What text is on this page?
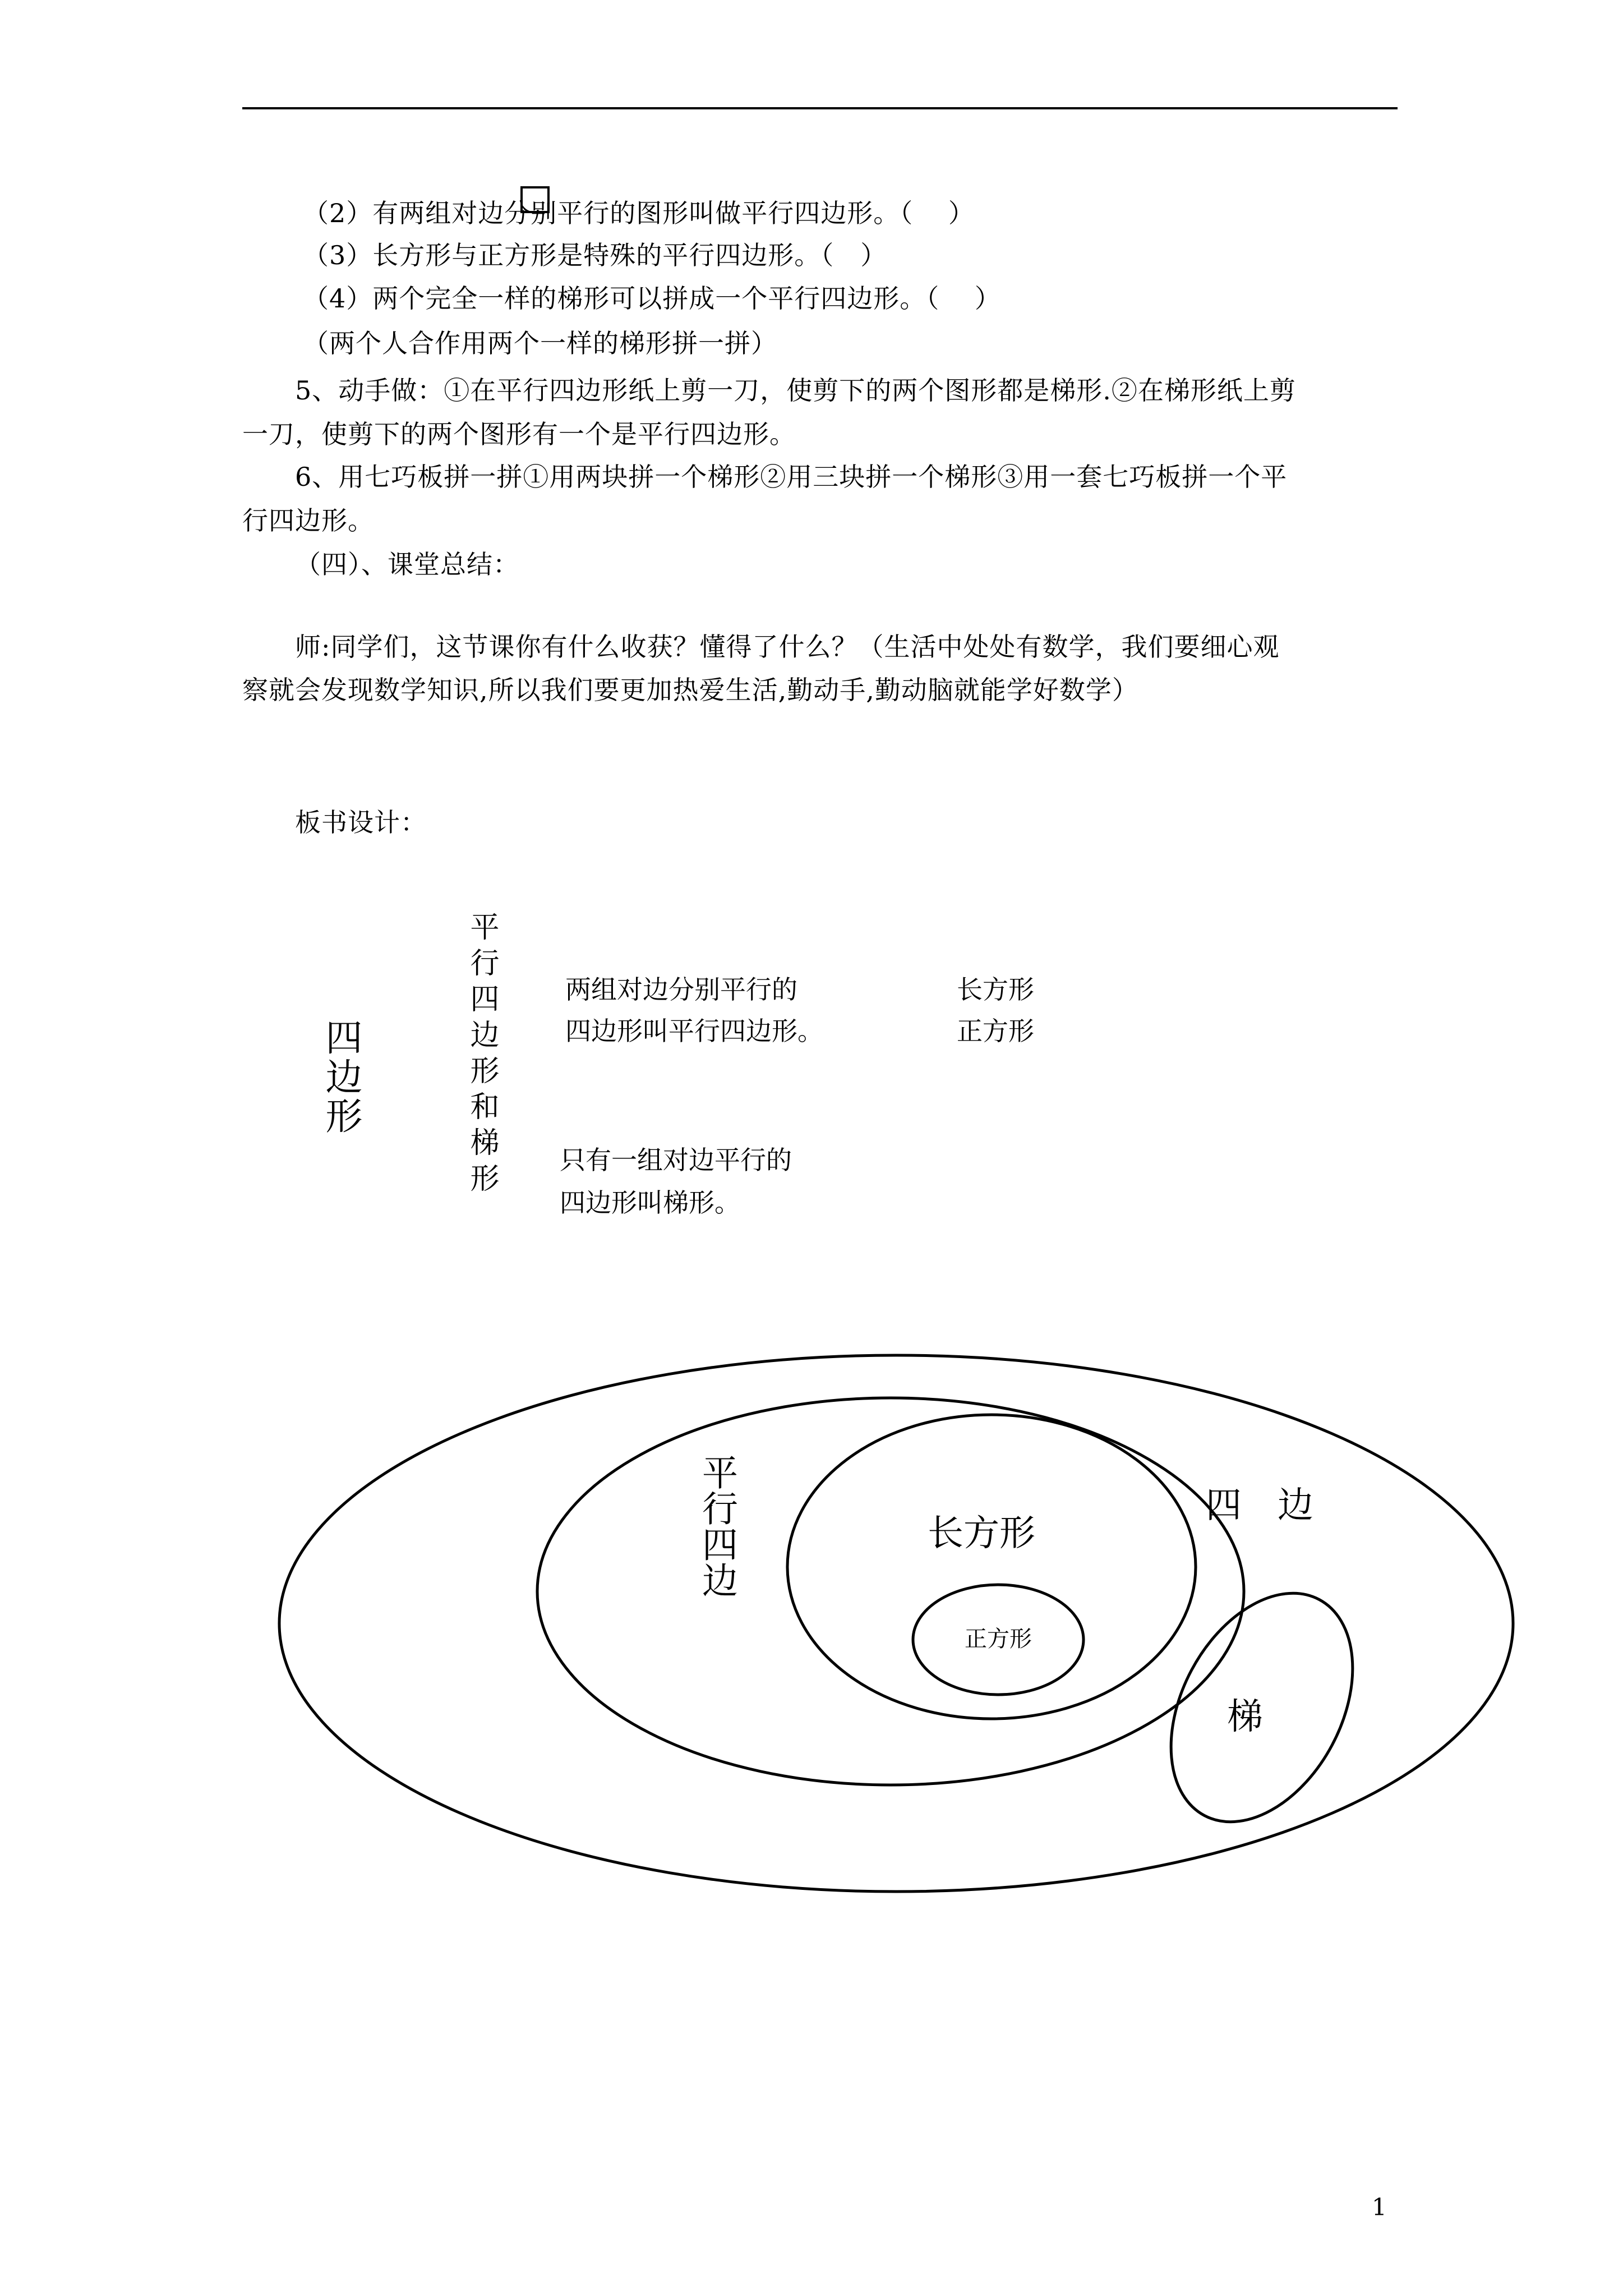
（2）有两组对边分别平行的图形叫做平行四边形。（　 ）
（3）长方形与正方形是特殊的平行四边形。（　）
（4）两个完全一样的梯形可以拼成一个平行四边形。（　 ）
（两个人合作用两个一样的梯形拼一拼）
5、动手做：①在平行四边形纸上剪一刀，使剪下的两个图形都是梯形.②在梯形纸上剪
一刀，使剪下的两个图形有一个是平行四边形。
6、用七巧板拼一拼①用两块拼一个梯形②用三块拼一个梯形③用一套七巧板拼一个平
行四边形。
（四）、课堂总结：
师:同学们，这节课你有什么收获？懂得了什么？（生活中处处有数学，我们要细心观
察就会发现数学知识,所以我们要更加热爱生活,勤动手,勤动脑就能学好数学）
板书设计：
四边形	平行四边形和梯形	两组对边分别平行的
四边形叫平行四边形。
长方形
正方形
只有一组对边平行的
四边形叫梯形。
四　边
长方形
正方形
梯
平行四边
1
